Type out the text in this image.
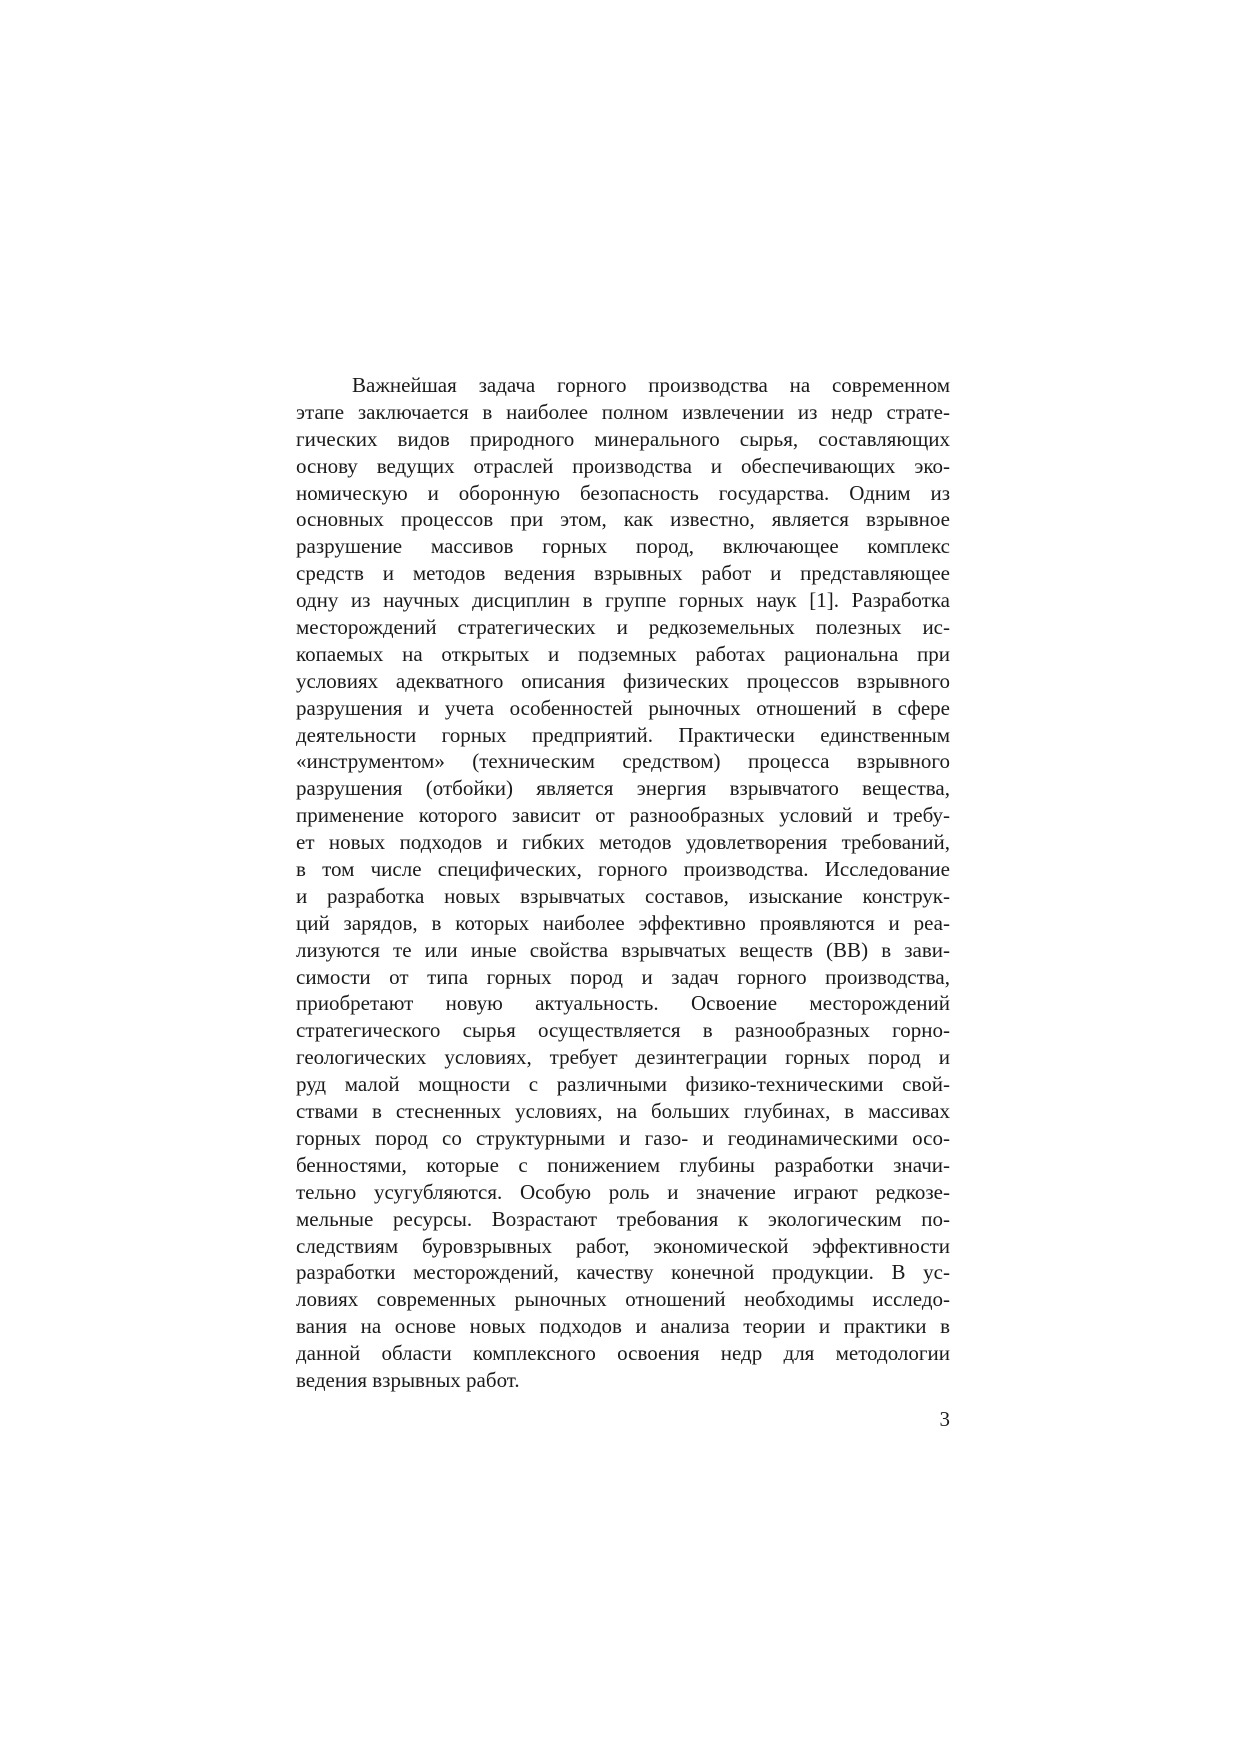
Важнейшая задача горного производства на современном
этапе заключается в наиболее полном извлечении из недр страте-
гических видов природного минерального сырья, составляющих
основу ведущих отраслей производства и обеспечивающих эко-
номическую и оборонную безопасность государства. Одним из
основных процессов при этом, как известно, является взрывное
разрушение массивов горных пород, включающее комплекс
средств и методов ведения взрывных работ и представляющее
одну из научных дисциплин в группе горных наук [1]. Разработка
месторождений стратегических и редкоземельных полезных ис-
копаемых на открытых и подземных работах рациональна при
условиях адекватного описания физических процессов взрывного
разрушения и учета особенностей рыночных отношений в сфере
деятельности горных предприятий. Практически единственным
«инструментом» (техническим средством) процесса взрывного
разрушения (отбойки) является энергия взрывчатого вещества,
применение которого зависит от разнообразных условий и требу-
ет новых подходов и гибких методов удовлетворения требований,
в том числе специфических, горного производства. Исследование
и разработка новых взрывчатых составов, изыскание конструк-
ций зарядов, в которых наиболее эффективно проявляются и реа-
лизуются те или иные свойства взрывчатых веществ (ВВ) в зави-
симости от типа горных пород и задач горного производства,
приобретают новую актуальность. Освоение месторождений
стратегического сырья осуществляется в разнообразных горно-
геологических условиях, требует дезинтеграции горных пород и
руд малой мощности с различными физико-техническими свой-
ствами в стесненных условиях, на больших глубинах, в массивах
горных пород со структурными и газо- и геодинамическими осо-
бенностями, которые с понижением глубины разработки значи-
тельно усугубляются. Особую роль и значение играют редкозе-
мельные ресурсы. Возрастают требования к экологическим по-
следствиям буровзрывных работ, экономической эффективности
разработки месторождений, качеству конечной продукции. В ус-
ловиях современных рыночных отношений необходимы исследо-
вания на основе новых подходов и анализа теории и практики в
данной области комплексного освоения недр для методологии
ведения взрывных работ.
3
